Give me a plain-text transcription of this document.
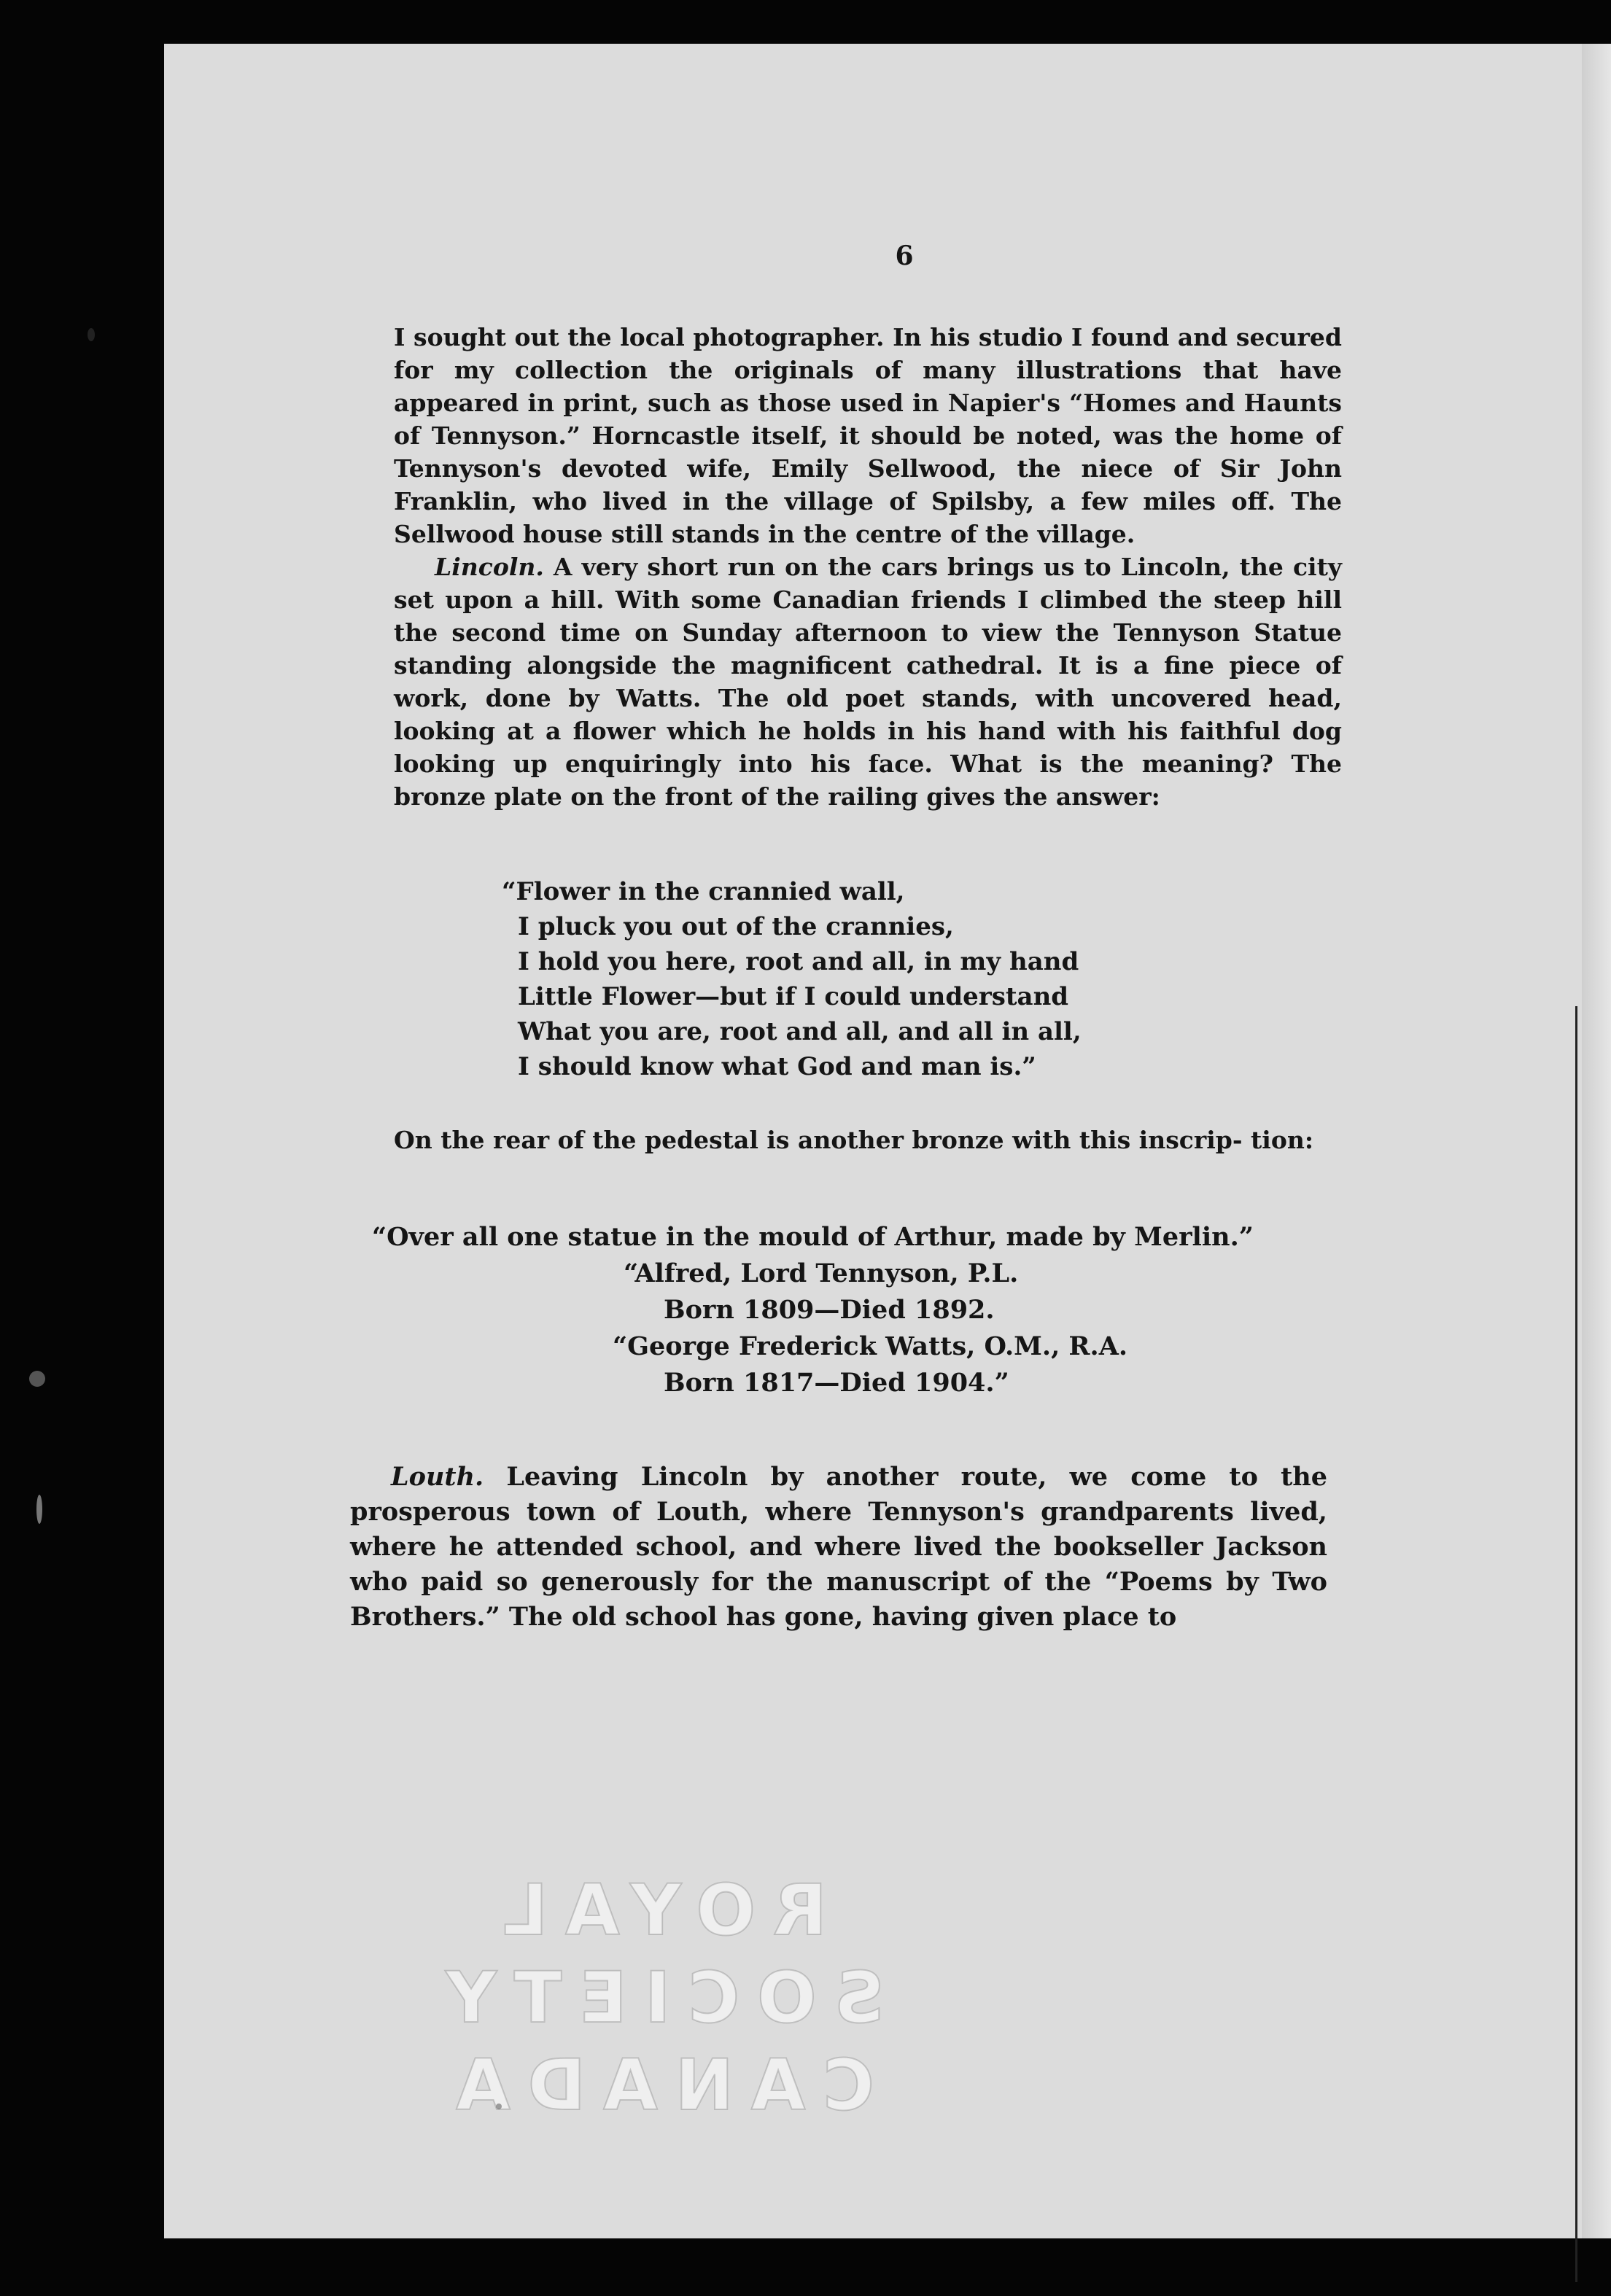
6

I sought out the local photographer. In his studio I found and secured for my collection the originals of many illustrations that have appeared in print, such as those used in Napier's “Homes and Haunts of Tennyson.” Horncastle itself, it should be noted, was the home of Tennyson's devoted wife, Emily Sellwood, the niece of Sir John Franklin, who lived in the village of Spilsby, a few miles off. The Sellwood house still stands in the centre of the village.

Lincoln. A very short run on the cars brings us to Lincoln, the city set upon a hill. With some Canadian friends I climbed the steep hill the second time on Sunday afternoon to view the Tennyson Statue standing alongside the magnificent cathedral. It is a fine piece of work, done by Watts. The old poet stands, with uncovered head, looking at a flower which he holds in his hand with his faithful dog looking up enquiringly into his face. What is the meaning? The bronze plate on the front of the railing gives the answer:

“Flower in the crannied wall,
I pluck you out of the crannies,
I hold you here, root and all, in my hand
Little Flower—but if I could understand
What you are, root and all, and all in all,
I should know what God and man is.”

On the rear of the pedestal is another bronze with this inscrip- tion:

“Over all one statue in the mould of Arthur, made by Merlin.”
“Alfred, Lord Tennyson, P.L.
Born 1809—Died 1892.
“George Frederick Watts, O.M., R.A.
Born 1817—Died 1904.”

Louth. Leaving Lincoln by another route, we come to the prosperous town of Louth, where Tennyson's grandparents lived, where he attended school, and where lived the bookseller Jackson who paid so generously for the manuscript of the “Poems by Two Brothers.” The old school has gone, having given place to

ROYAL SOCIETY
CANADA
